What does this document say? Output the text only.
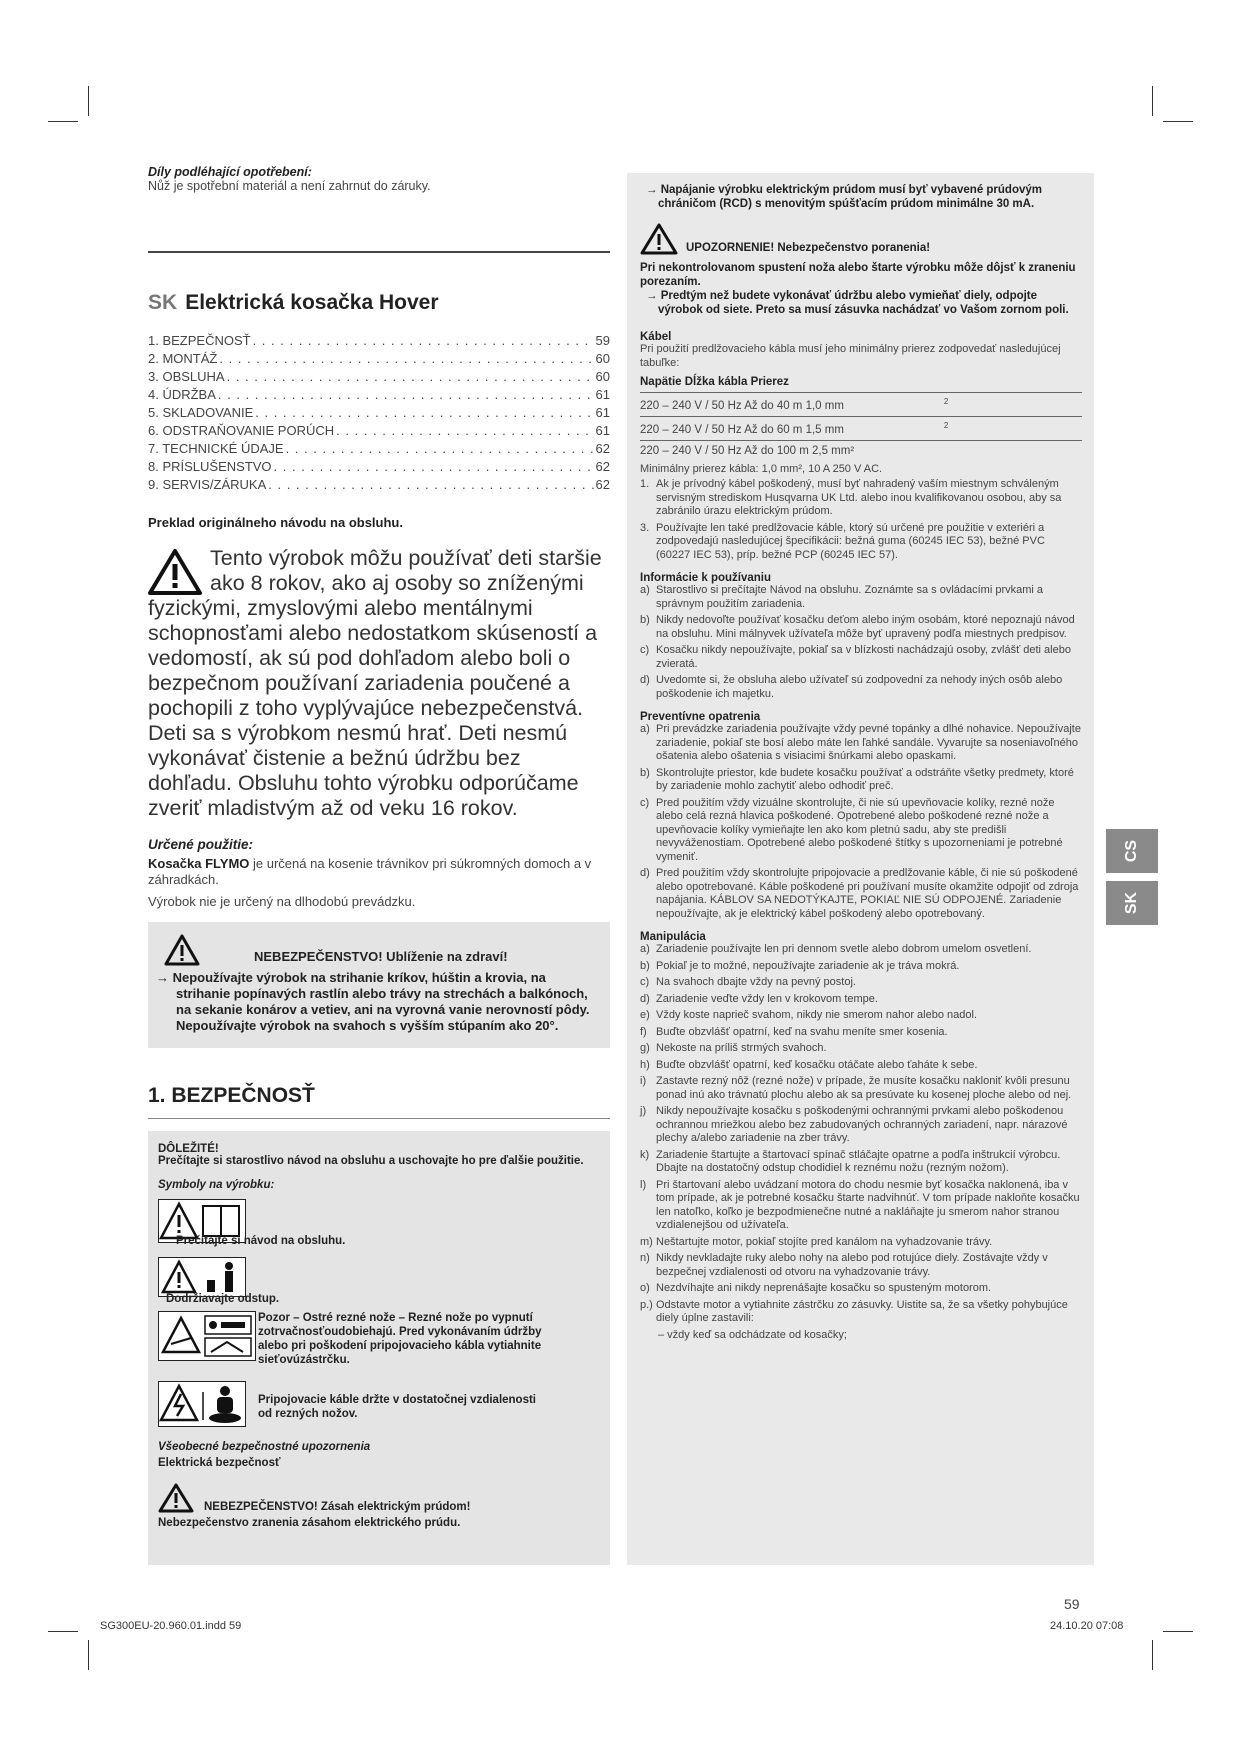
Díly podléhající opotřebení:
Nůž je spotřební materiál a není zahrnut do záruky.
SK Elektrická kosačka Hover
1. BEZPEČNOSŤ . . .	59
2. MONTÁŽ . . .	60
3. OBSLUHA . . .	60
4. ÚDRŽBA . . .	61
5. SKLADOVANIE . . .	61
6. ODSTRAŇOVANIE PORÚCH . . .	61
7. TECHNICKÉ ÚDAJE . . .	62
8. PRÍSLUŠENSTVO . . .	62
9. SERVIS/ZÁRUKA . . .	62
Preklad originálneho návodu na obsluhu.
Tento výrobok môžu používať deti staršie ako 8 rokov, ako aj osoby so zníženými fyzickými, zmyslovými alebo mentálnymi schopnosťami alebo nedostatkom skúseností a vedomostí, ak sú pod dohľadom alebo boli o bezpečnom používaní zariadenia poučené a pochopili z toho vyplývajúce nebezpečenstvá. Deti sa s výrobkom nesmú hrať. Deti nesmú vykonávať čistenie a bežnú údržbu bez dohľadu. Obsluhu tohto výrobku odporúčame zveriť mladistvým až od veku 16 rokov.
Určené použitie:
Kosačka FLYMO je určená na kosenie trávnikov pri súkromných domoch a v záhradkách.
Výrobok nie je určený na dlhodobú prevádzku.
NEBEZPEČENSTVO! Ublíženie na zdraví!
→ Nepoužívajte výrobok na strihanie kríkov, húštin a krovia, na strihanie popínavých rastlín alebo trávy na strechách a balkónoch, na sekanie konárov a vetiev, ani na vyrovná vanie nerovností pôdy. Nepoužívajte výrobok na svahoch s vyšším stúpaním ako 20°.
1. BEZPEČNOSŤ
DÔLEŽITÉ!
Prečítajte si starostlivo návod na obsluhu a uschovajte ho pre ďalšie použitie.
Symboly na výrobku:
Prečítajte si návod na obsluhu.
Dodržiavajte odstup.
Pozor – Ostré rezné nože – Rezné nože po vypnutí zotrvačnosťoudobiehajú. Pred vykonávaním údržby alebo pri poškodení pripojovacieho kábla vytiahnite sieťovúzástrčku.
Pripojovacie káble držte v dostatočnej vzdialenosti od rezných nožov.
Všeobecné bezpečnostné upozornenia
Elektrická bezpečnosť
NEBEZPEČENSTVO! Zásah elektrickým prúdom!
Nebezpečenstvo zranenia zásahom elektrického prúdu.
→ Napájanie výrobku elektrickým prúdom musí byť vybavené prúdovým chráničom (RCD) s menovitým spúšťacím prúdom minimálne 30 mA.
UPOZORNENIE! Nebezpečenstvo poranenia!
Pri nekontrolovanom spustení noža alebo štarte výrobku môže dôjsť k zraneniu porezaním.
→ Predtým než budete vykonávať údržbu alebo vymieňať diely, odpojte výrobok od siete. Preto sa musí zásuvka nachádzať vo Vašom zornom poli.
Kábel
Pri použití predlžovacieho kábla musí jeho minimálny prierez zodpovedať nasledujúcej tabuľke:
Napätie Dĺžka kábla Prierez
220 – 240 V / 50 Hz Až do 40 m 1,0 mm	$^2$
220 – 240 V / 50 Hz Až do 60 m 1,5 mm	$^2$
220 – 240 V / 50 Hz Až do 100 m 2,5 mm²
Minimálny prierez kábla: 1,0 mm², 10 A 250 V AC.
1. Ak je prívodný kábel poškodený, musí byť nahradený vaším miestnym schváleným servisným strediskom Husqvarna UK Ltd. alebo inou kvalifikovanou osobou, aby sa zabránilo úrazu elektrickým prúdom.
3. Používajte len také predlžovacie káble, ktorý sú určené pre použitie v exteriéri a zodpovedajú nasledujúcej špecifikácii: bežná guma (60245 IEC 53), bežné PVC (60227 IEC 53), príp. bežné PCP (60245 IEC 57).
Informácie k používaniu
a) Starostlivo si prečítajte Návod na obsluhu. Zoznámte sa s ovládacími prvkami a správnym použitím zariadenia.
b) Nikdy nedovoľte používať kosačku deťom alebo iným osobám, ktoré nepoznajú návod na obsluhu. Mini málnyvek užívateľa môže byť upravený podľa miestnych predpisov.
c) Kosačku nikdy nepoužívajte, pokiaľ sa v blízkosti nachádzajú osoby, zvlášť deti alebo zvieratá.
d) Uvedomte si, že obsluha alebo užívateľ sú zodpovední za nehody iných osôb alebo poškodenie ich majetku.
Preventívne opatrenia
a) Pri prevádzke zariadenia používajte vždy pevné topánky a dlhé nohavice. Nepoužívajte zariadenie, pokiaľ ste bosí alebo máte len ľahké sandále. Vyvarujte sa noseniavoľného ošatenia alebo ošatenia s visiacimi šnúrkami alebo opaskami.
b) Skontrolujte priestor, kde budete kosačku používať a odstráňte všetky predmety, ktoré by zariadenie mohlo zachytiť alebo odhodiť preč.
c) Pred použitím vždy vizuálne skontrolujte, či nie sú upevňovacie kolíky, rezné nože alebo celá rezná hlavica poškodené. Opotrebené alebo poškodené rezné nože a upevňovacie kolíky vymieňajte len ako kom pletnú sadu, aby ste predišli nevyváženostiam. Opotrebené alebo poškodené štítky s upozorneniami je potrebné vymeniť.
d) Pred použitím vždy skontrolujte pripojovacie a predlžovanie káble, či nie sú poškodené alebo opotrebované. Káble poškodené pri používaní musíte okamžite odpojiť od zdroja napájania. KÁBLOV SA NEDOTÝKAJTE, POKIAĽ NIE SÚ ODPOJENÉ. Zariadenie nepoužívajte, ak je elektrický kábel poškodený alebo opotrebovaný.
Manipulácia
a) Zariadenie používajte len pri dennom svetle alebo dobrom umelom osvetlení.
b) Pokiaľ je to možné, nepoužívajte zariadenie ak je tráva mokrá.
c) Na svahoch dbajte vždy na pevný postoj.
d) Zariadenie veďte vždy len v krokovom tempe.
e) Vždy koste naprieč svahom, nikdy nie smerom nahor alebo nadol.
f) Buďte obzvlášť opatrní, keď na svahu meníte smer kosenia.
g) Nekoste na príliš strmých svahoch.
h) Buďte obzvlášť opatrní, keď kosačku otáčate alebo ťaháte k sebe.
i) Zastavte rezný nôž (rezné nože) v prípade, že musíte kosačku nakloniť kvôli presunu ponad inú ako trávnatú plochu alebo ak sa presúvate ku kosenej ploche alebo od nej.
j) Nikdy nepoužívajte kosačku s poškodenými ochrannými prvkami alebo poškodenou ochrannou mriežkou alebo bez zabudovaných ochranných zariadení, napr. nárazové plechy a/alebo zariadenie na zber trávy.
k) Zariadenie štartujte a štartovací spínač stláčajte opatrne a podľa inštrukcií výrobcu. Dbajte na dostatočný odstup chodidiel k reznému nožu (rezným nožom).
l) Pri štartovaní alebo uvádzaní motora do chodu nesmie byť kosačka naklonená, iba v tom prípade, ak je potrebné kosačku štarte nadvihnúť. V tom prípade nakloňte kosačku len natoľko, koľko je bezpodmienečne nutné a nakláňajte ju smerom nahor stranou vzdialenejšou od užívateľa.
m) Neštartujte motor, pokiaľ stojíte pred kanálom na vyhadzovanie trávy.
n) Nikdy nevkladajte ruky alebo nohy na alebo pod rotujúce diely. Zostávajte vždy v bezpečnej vzdialenosti od otvoru na vyhadzovanie trávy.
o) Nezdvíhajte ani nikdy neprenášajte kosačku so spusteným motorom.
p.) Odstavte motor a vytiahnite zástrčku zo zásuvky. Uistite sa, že sa všetky pohybujúce diely úplne zastavili:
– vždy keď sa odchádzate od kosačky;
CS
SK
59
SG300EU-20.960.01.indd 59	24.10.20 07:08
